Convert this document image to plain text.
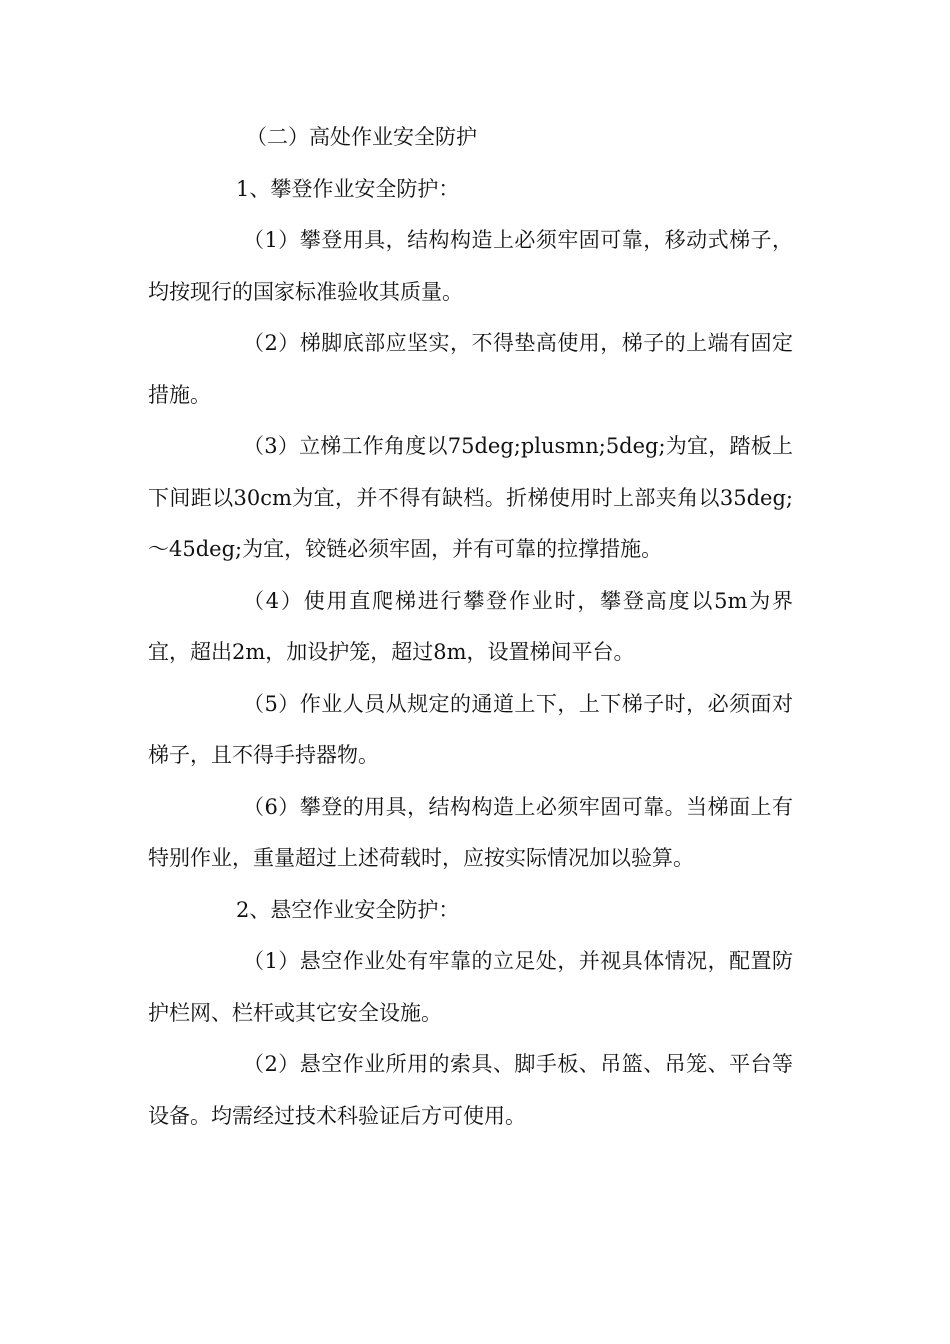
（二）高处作业安全防护

1、攀登作业安全防护：

（1）攀登用具，结构构造上必须牢固可靠，移动式梯子，均按现行的国家标准验收其质量。

（2）梯脚底部应坚实，不得垫高使用，梯子的上端有固定措施。

（3）立梯工作角度以75deg;plusmn;5deg;为宜，踏板上下间距以30cm为宜，并不得有缺档。折梯使用时上部夹角以35deg;～45deg;为宜，铰链必须牢固，并有可靠的拉撑措施。

（4）使用直爬梯进行攀登作业时，攀登高度以5m为界宜，超出2m，加设护笼，超过8m，设置梯间平台。

（5）作业人员从规定的通道上下，上下梯子时，必须面对梯子，且不得手持器物。

（6）攀登的用具，结构构造上必须牢固可靠。当梯面上有特别作业，重量超过上述荷载时，应按实际情况加以验算。

2、悬空作业安全防护：

（1）悬空作业处有牢靠的立足处，并视具体情况，配置防护栏网、栏杆或其它安全设施。

（2）悬空作业所用的索具、脚手板、吊篮、吊笼、平台等设备。均需经过技术科验证后方可使用。
